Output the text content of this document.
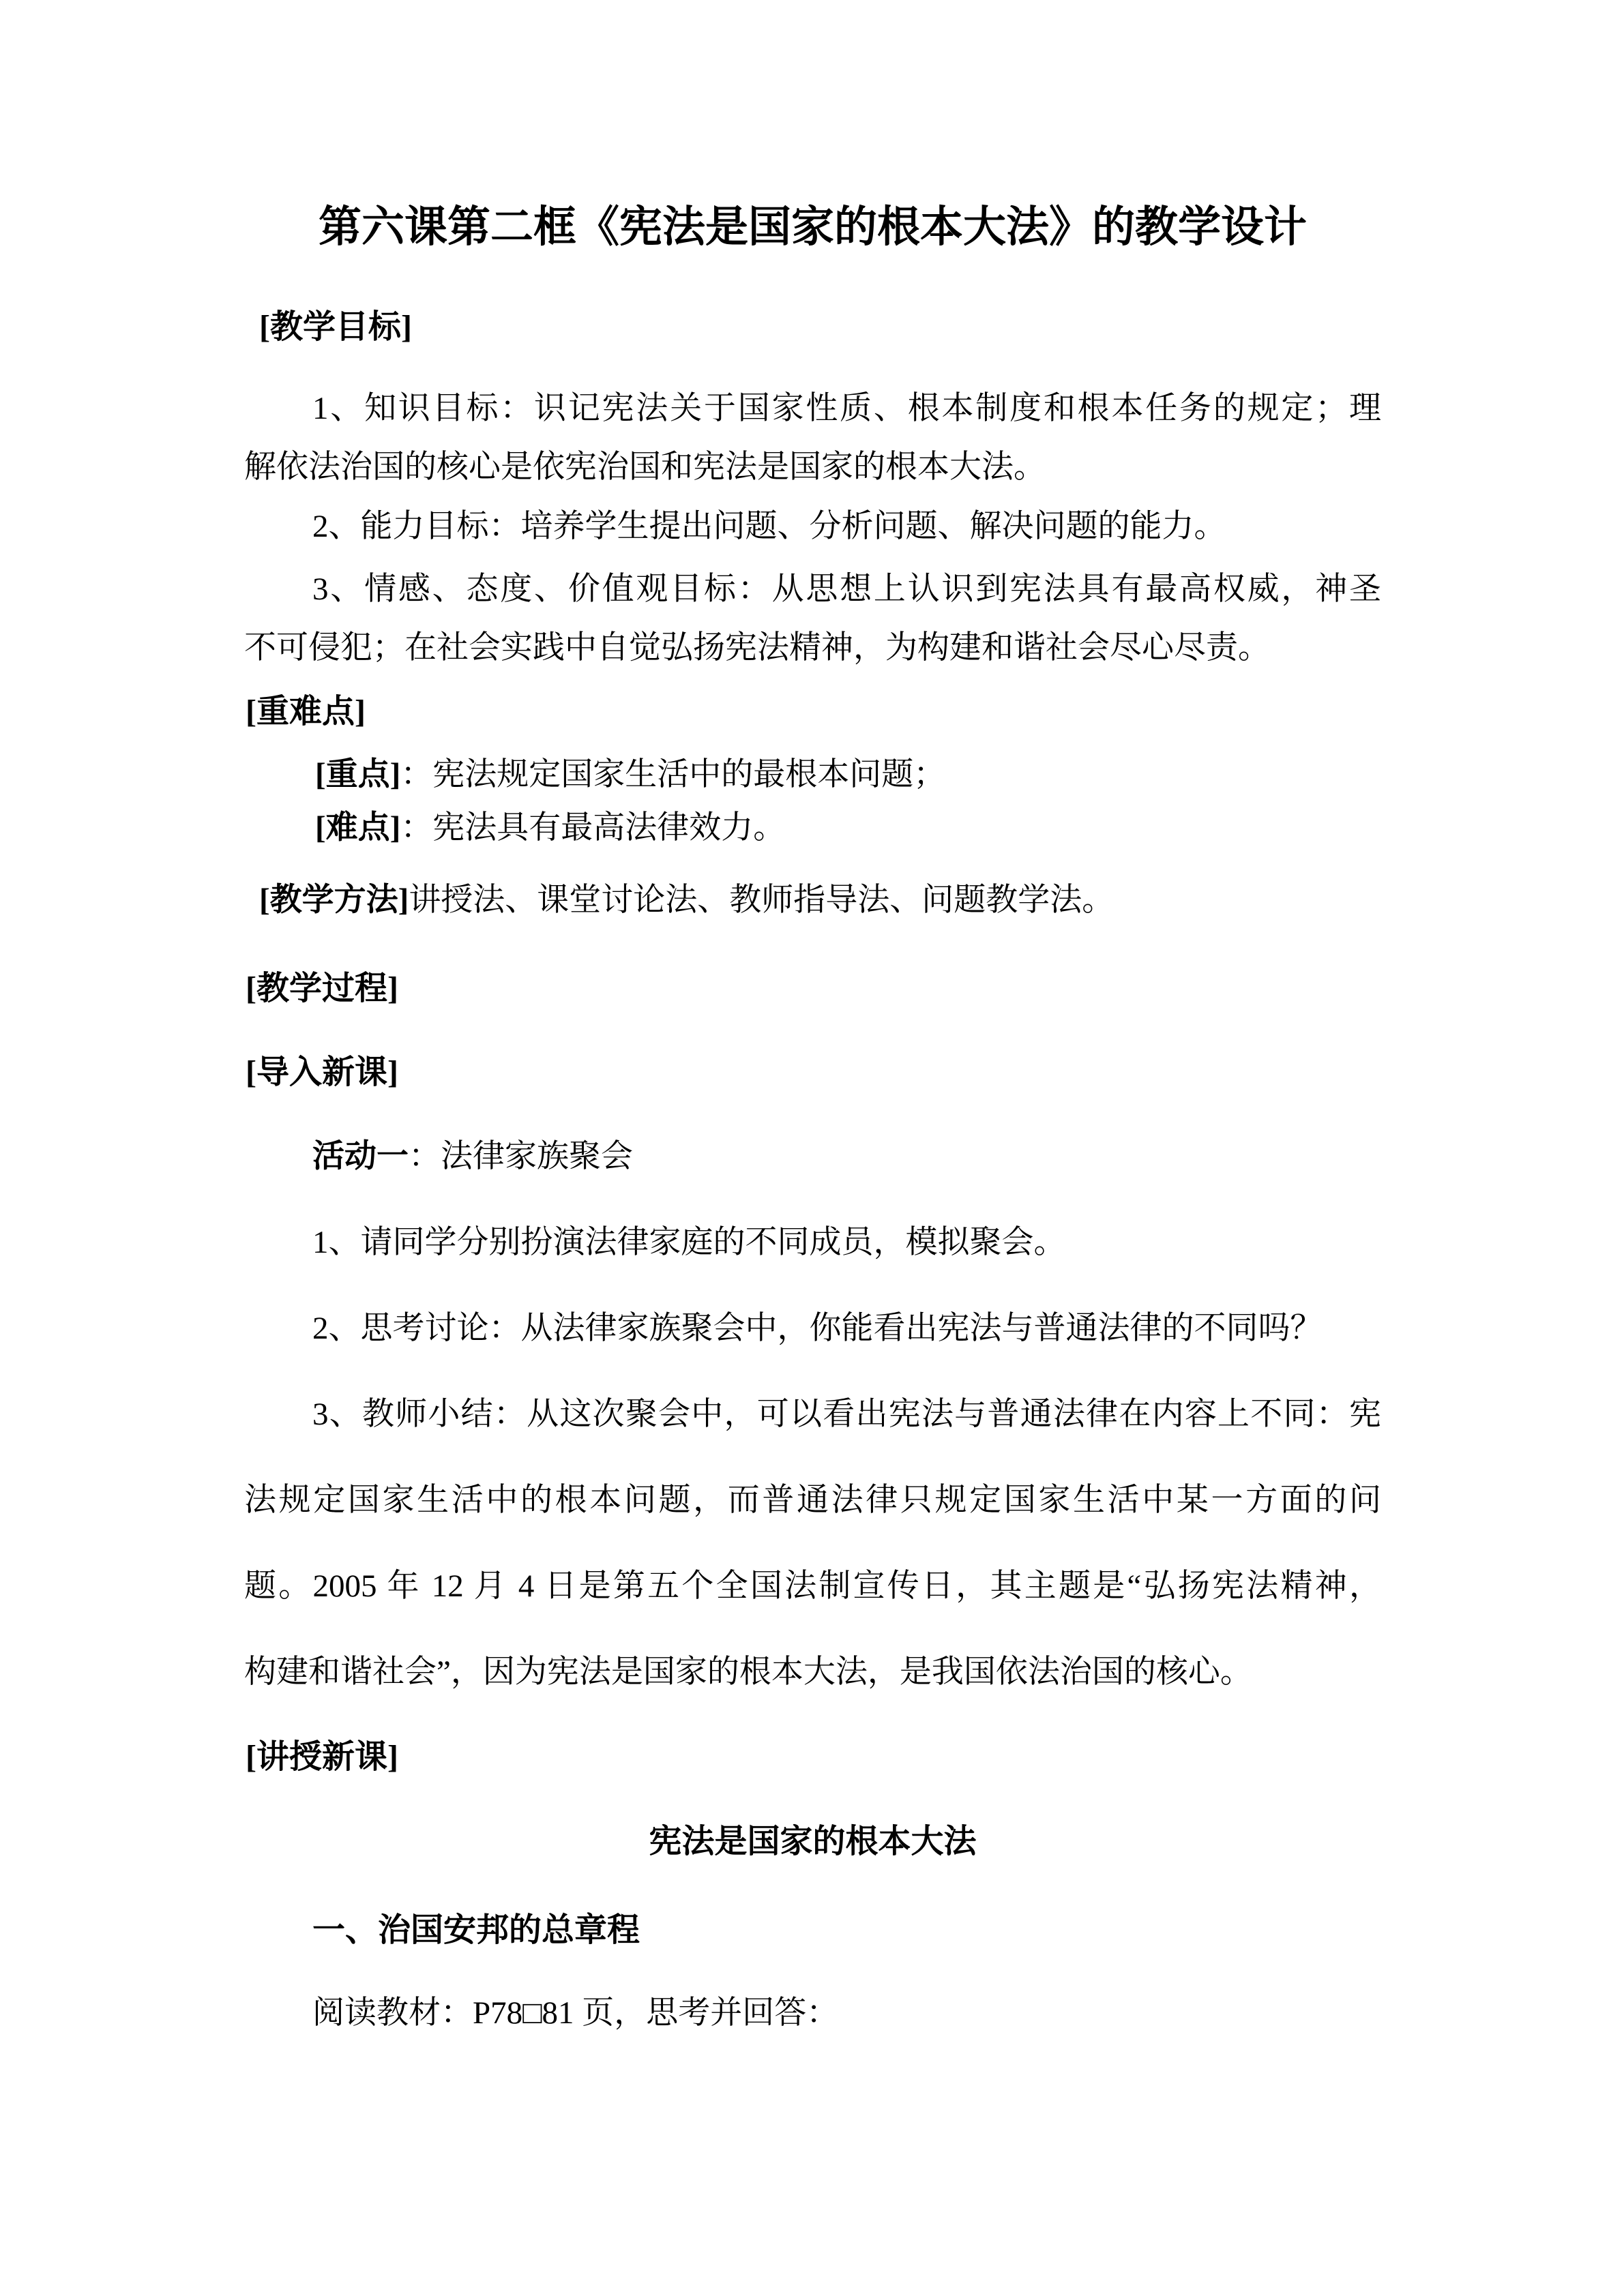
第六课第二框《宪法是国家的根本大法》的教学设计
[教学目标]
1、知识目标：识记宪法关于国家性质、根本制度和根本任务的规定；理
解依法治国的核心是依宪治国和宪法是国家的根本大法。
2、能力目标：培养学生提出问题、分析问题、解决问题的能力。
3、情感、态度、价值观目标：从思想上认识到宪法具有最高权威，神圣
不可侵犯；在社会实践中自觉弘扬宪法精神，为构建和谐社会尽心尽责。
[重难点]
[重点]：宪法规定国家生活中的最根本问题；
[难点]：宪法具有最高法律效力。
[教学方法]讲授法、课堂讨论法、教师指导法、问题教学法。
[教学过程]
[导入新课]
活动一：法律家族聚会
1、请同学分别扮演法律家庭的不同成员，模拟聚会。
2、思考讨论：从法律家族聚会中，你能看出宪法与普通法律的不同吗？
3、教师小结：从这次聚会中，可以看出宪法与普通法律在内容上不同：宪
法规定国家生活中的根本问题，而普通法律只规定国家生活中某一方面的问
题。2005 年 12 月 4 日是第五个全国法制宣传日，其主题是“弘扬宪法精神，
构建和谐社会”，因为宪法是国家的根本大法，是我国依法治国的核心。
[讲授新课]
宪法是国家的根本大法
一、治国安邦的总章程
阅读教材：P78□81 页，思考并回答：
